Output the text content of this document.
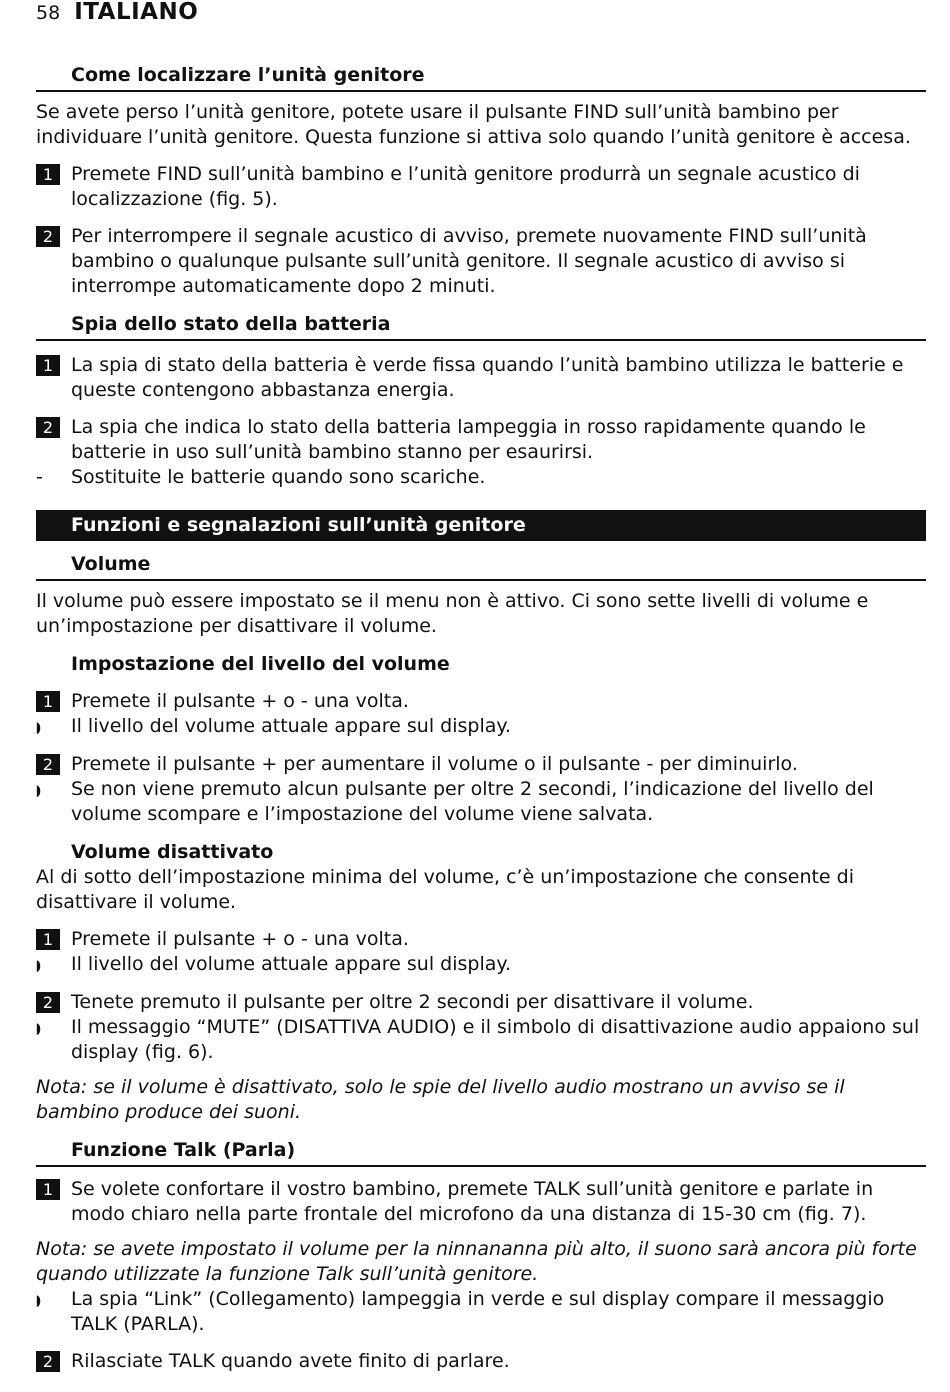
58 ITALIANO
Come localizzare l’unità genitore

Se avete perso l’unità genitore, potete usare il pulsante FIND sull’unità bambino per individuare l’unità genitore. Questa funzione si attiva solo quando l’unità genitore è accesa.

1 Premete FIND sull’unità bambino e l’unità genitore produrrà un segnale acustico di localizzazione (fig. 5).
2 Per interrompere il segnale acustico di avviso, premete nuovamente FIND sull’unità bambino o qualunque pulsante sull’unità genitore. Il segnale acustico di avviso si interrompe automaticamente dopo 2 minuti.
Spia dello stato della batteria
1 La spia di stato della batteria è verde fissa quando l’unità bambino utilizza le batterie e queste contengono abbastanza energia.
2 La spia che indica lo stato della batteria lampeggia in rosso rapidamente quando le batterie in uso sull’unità bambino stanno per esaurirsi.
-	Sostituite le batterie quando sono scariche.
Funzioni e segnalazioni sull’unità genitore
Volume

Il volume può essere impostato se il menu non è attivo. Ci sono sette livelli di volume e un’impostazione per disattivare il volume.

Impostazione del livello del volume
1 Premete il pulsante + o - una volta.
◗	Il livello del volume attuale appare sul display.
2 Premete il pulsante + per aumentare il volume o il pulsante - per diminuirlo.
◗	Se non viene premuto alcun pulsante per oltre 2 secondi, l’indicazione del livello del volume scompare e l’impostazione del volume viene salvata.
Volume disattivato

Al di sotto dell’impostazione minima del volume, c’è un’impostazione che consente di disattivare il volume.

1 Premete il pulsante + o - una volta.
◗	Il livello del volume attuale appare sul display.
2 Tenete premuto il pulsante per oltre 2 secondi per disattivare il volume.
◗	Il messaggio “MUTE” (DISATTIVA AUDIO) e il simbolo di disattivazione audio appaiono sul display (fig. 6).

Nota: se il volume è disattivato, solo le spie del livello audio mostrano un avviso se il bambino produce dei suoni.

Funzione Talk (Parla)
1 Se volete confortare il vostro bambino, premete TALK sull’unità genitore e parlate in modo chiaro nella parte frontale del microfono da una distanza di 15-30 cm (fig. 7).

Nota: se avete impostato il volume per la ninnananna più alto, il suono sarà ancora più forte quando utilizzate la funzione Talk sull’unità genitore.

◗	La spia “Link” (Collegamento) lampeggia in verde e sul display compare il messaggio TALK (PARLA).
2 Rilasciate TALK quando avete finito di parlare.
